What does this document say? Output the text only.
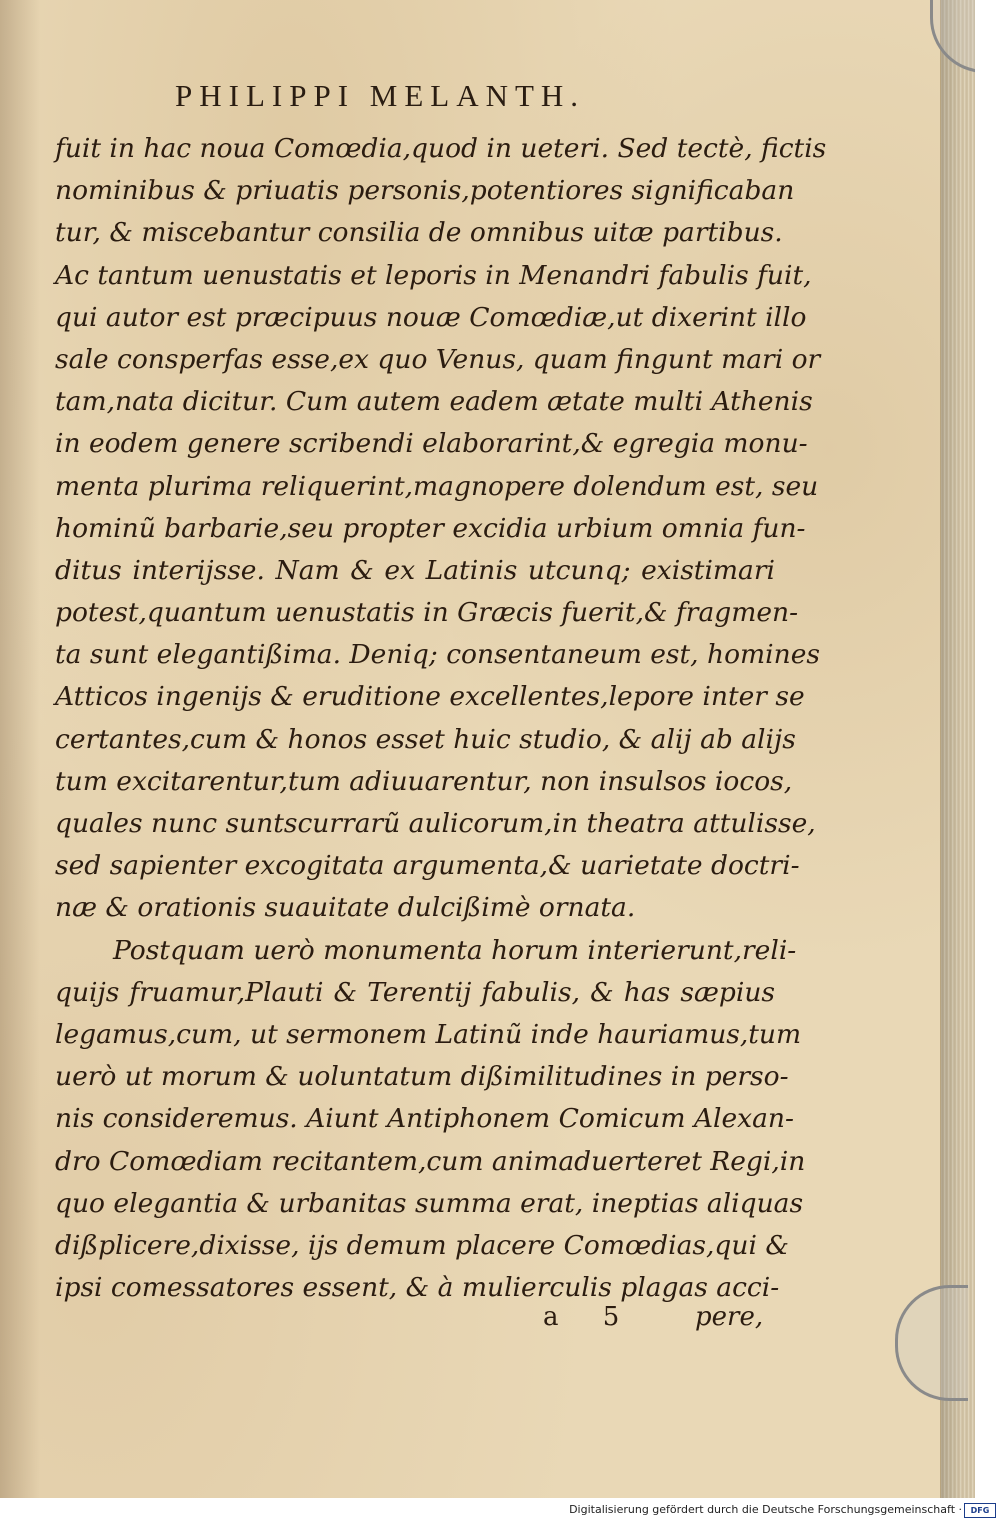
PHILIPPI MELANTH.
fuit in hac noua Comœdia,quod in ueteri. Sed tectè, fictis
nominibus & priuatis personis,potentiores significaban
tur, & miscebantur consilia de omnibus uitæ partibus.
Ac tantum uenustatis et leporis in Menandri fabulis fuit,
qui autor est præcipuus nouæ Comœdiæ,ut dixerint illo
sale consperfas esse,ex quo Venus, quam fingunt mari or
tam,nata dicitur. Cum autem eadem ætate multi Athenis
in eodem genere scribendi elaborarint,& egregia monu-
menta plurima reliquerint,magnopere dolendum est, seu
hominũ barbarie,seu propter excidia urbium omnia fun-
ditus interijsse. Nam & ex Latinis utcunq; existimari
potest,quantum uenustatis in Græcis fuerit,& fragmen-
ta sunt elegantißima. Deniq; consentaneum est, homines
Atticos ingenijs & eruditione excellentes,lepore inter se
certantes,cum & honos esset huic studio, & alij ab alijs
tum excitarentur,tum adiuuarentur, non insulsos iocos,
quales nunc suntscurrarũ aulicorum,in theatra attulisse,
sed sapienter excogitata argumenta,& uarietate doctri-
næ & orationis suauitate dulcißimè ornata.
Postquam uerò monumenta horum interierunt,reli-
quijs fruamur,Plauti & Terentij fabulis, & has sæpius
legamus,cum, ut sermonem Latinũ inde hauriamus,tum
uerò ut morum & uoluntatum dißimilitudines in perso-
nis consideremus. Aiunt Antiphonem Comicum Alexan-
dro Comœdiam recitantem,cum animaduerteret Regi,in
quo elegantia & urbanitas summa erat, ineptias aliquas
dißplicere,dixisse, ijs demum placere Comœdias,qui &
ipsi comessatores essent, & à mulierculis plagas acci-
a 5 pere,
Digitalisierung gefördert durch die Deutsche Forschungsgemeinschaft ·	DFG
